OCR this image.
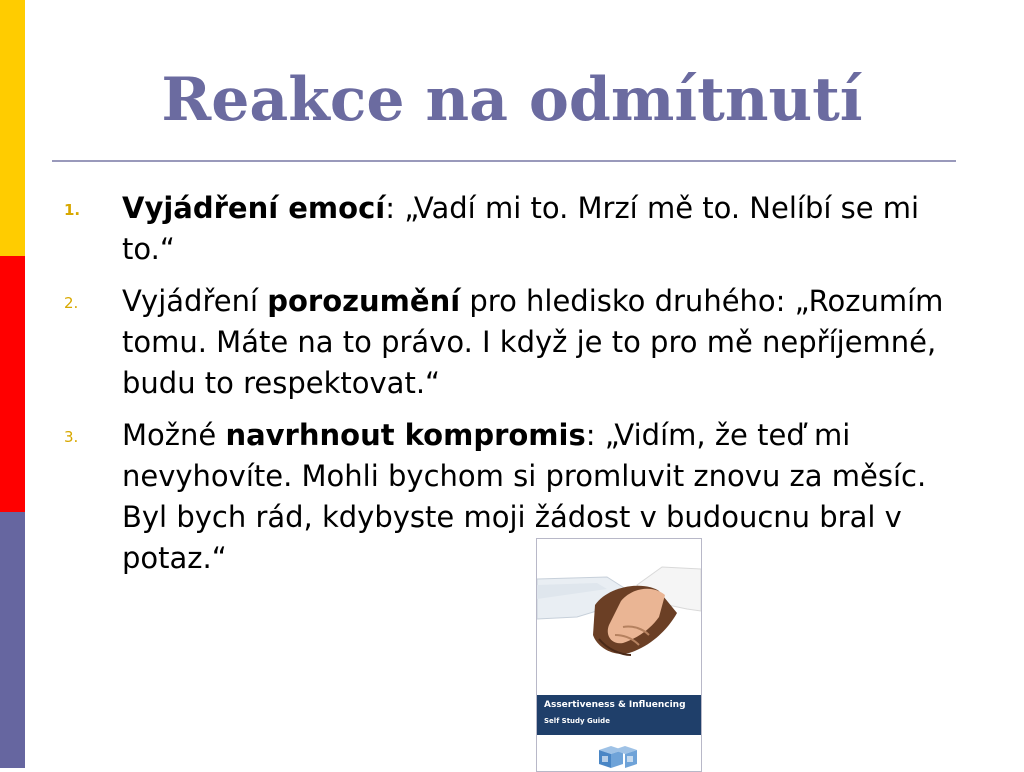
Reakce na odmítnutí
1. Vyjádření emocí: „Vadí mi to. Mrzí mě to. Nelíbí se mi to.“
2. Vyjádření porozumění pro hledisko druhého: „Rozumím tomu. Máte na to právo. I když je to pro mě nepříjemné, budu to respektovat.“
3. Možné navrhnout kompromis: „Vidím, že teď mi nevyhovíte. Mohli bychom si promluvit znovu za měsíc. Byl bych rád, kdybyste moji žádost v budoucnu bral v potaz.“
Assertiveness & Influencing
Self Study Guide
